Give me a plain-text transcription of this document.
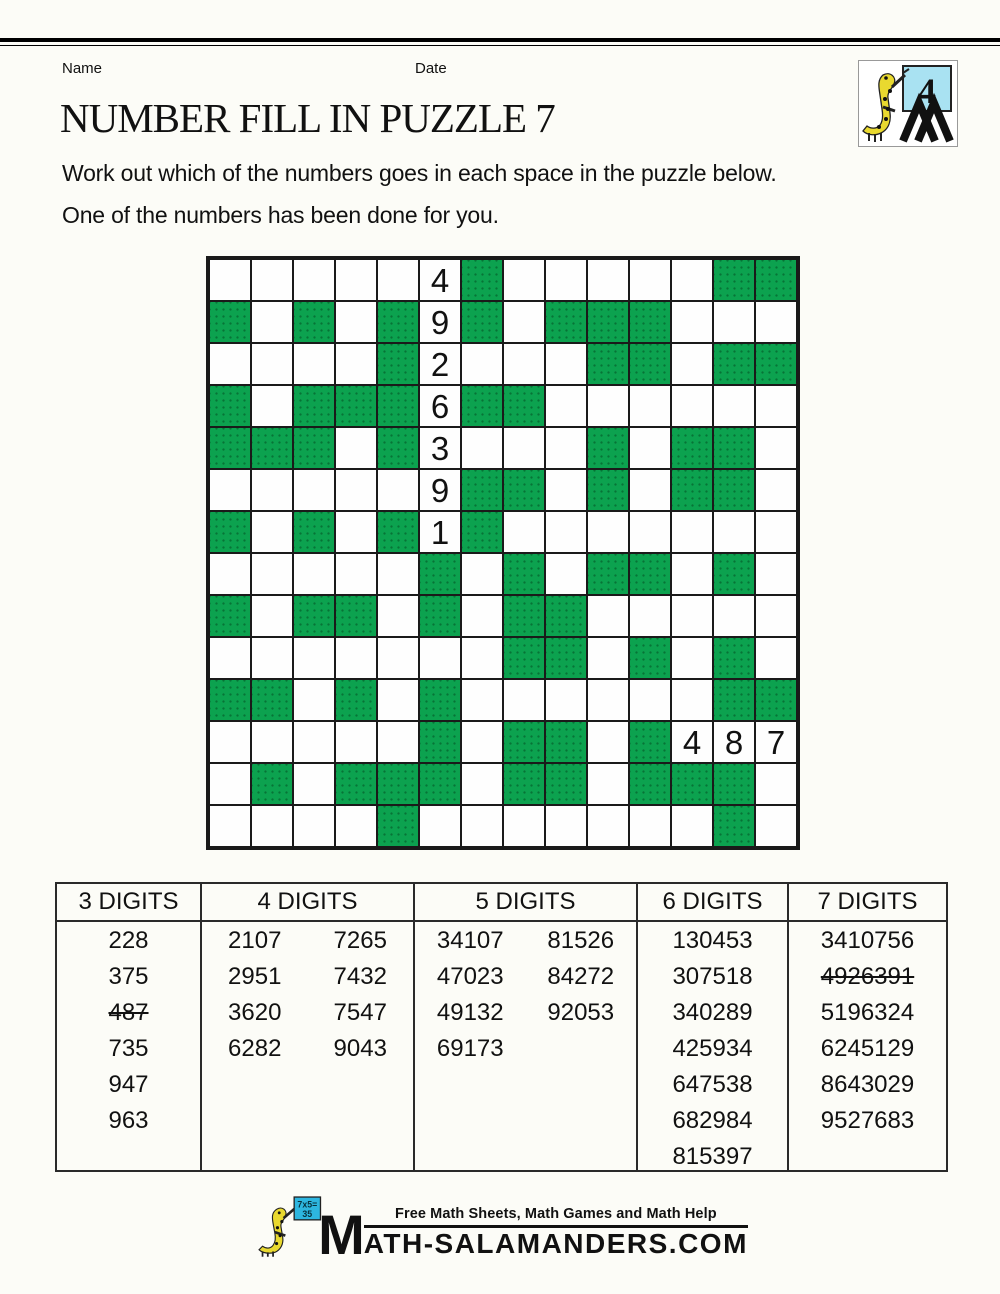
Name	Date
4
NUMBER FILL IN PUZZLE 7

Work out which of the numbers goes in each space in the puzzle below.

One of the numbers has been done for you.

4
9
2
6
3
9
1
4 8 7
3 DIGITS
228
375
487
735
947
963
4 DIGITS
2107
2951
3620
6282
7265
7432
7547
9043
5 DIGITS
34107
47023
49132
69173
81526
84272
92053
6 DIGITS
130453
307518
340289
425934
647538
682984
815397
7 DIGITS
3410756
4926391
5196324
6245129
8643029
9527683
7x5=
35 M Free Math Sheets, Math Games and Math Help
ATH-SALAMANDERS.COM
